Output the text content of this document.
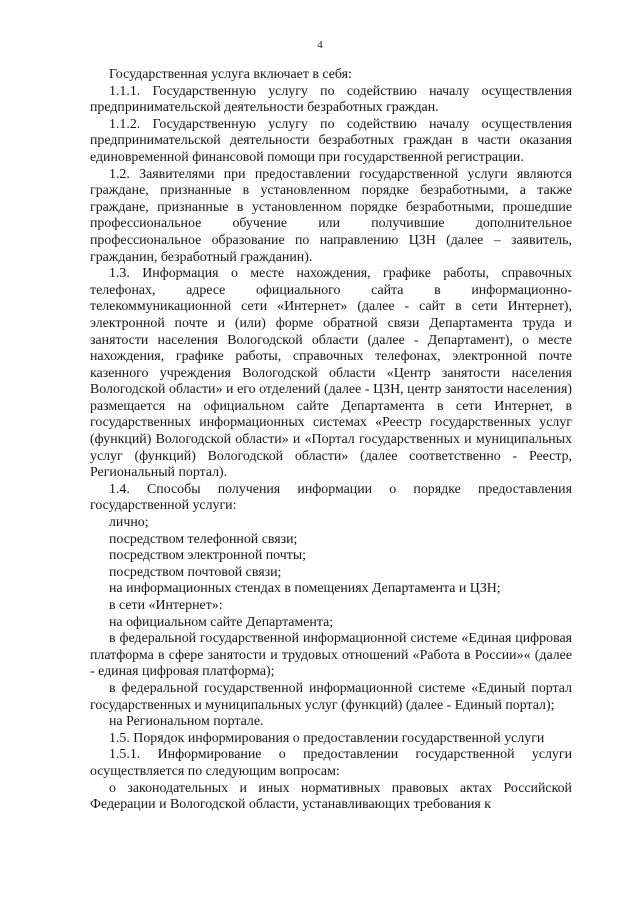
4

Государственная услуга включает в себя:

1.1.1. Государственную услугу по содействию началу осуществления предпринимательской деятельности безработных граждан.

1.1.2. Государственную услугу по содействию началу осуществления предпринимательской деятельности безработных граждан в части оказания единовременной финансовой помощи при государственной регистрации.

1.2. Заявителями при предоставлении государственной услуги являются граждане, признанные в установленном порядке безработными, а также граждане, признанные в установленном порядке безработными, прошедшие профессиональное обучение или получившие дополнительное профессиональное образование по направлению ЦЗН (далее – заявитель, гражданин, безработный гражданин).

1.3. Информация о месте нахождения, графике работы, справочных телефонах, адресе официального сайта в информационно-телекоммуникационной сети «Интернет» (далее - сайт в сети Интернет), электронной почте и (или) форме обратной связи Департамента труда и занятости населения Вологодской области (далее - Департамент), о месте нахождения, графике работы, справочных телефонах, электронной почте казенного учреждения Вологодской области «Центр занятости населения Вологодской области» и его отделений (далее - ЦЗН, центр занятости населения) размещается на официальном сайте Департамента в сети Интернет, в государственных информационных системах «Реестр государственных услуг (функций) Вологодской области» и «Портал государственных и муниципальных услуг (функций) Вологодской области» (далее соответственно - Реестр, Региональный портал).

1.4. Способы получения информации о порядке предоставления государственной услуги:

лично;

посредством телефонной связи;

посредством электронной почты;

посредством почтовой связи;

на информационных стендах в помещениях Департамента и ЦЗН;

в сети «Интернет»:

на официальном сайте Департамента;

в федеральной государственной информационной системе «Единая цифровая платформа в сфере занятости и трудовых отношений «Работа в России»« (далее - единая цифровая платформа);

в федеральной государственной информационной системе «Единый портал государственных и муниципальных услуг (функций) (далее - Единый портал);

на Региональном портале.

1.5. Порядок информирования о предоставлении государственной услуги

1.5.1. Информирование о предоставлении государственной услуги осуществляется по следующим вопросам:

о законодательных и иных нормативных правовых актах Российской Федерации и Вологодской области, устанавливающих требования к
